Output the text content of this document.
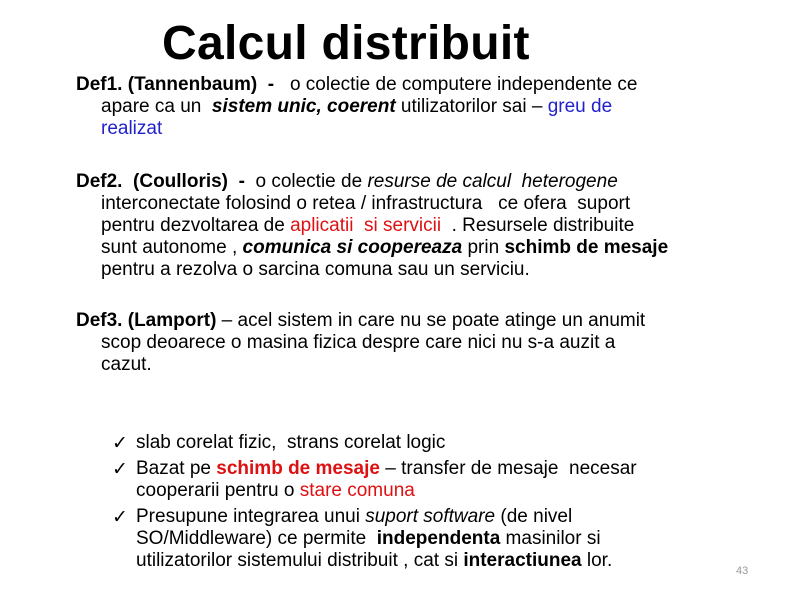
Calcul distribuit
Def1. (Tannenbaum)  -   o colectie de computere independente ce
apare ca un  sistem unic, coerent utilizatorilor sai – greu de
realizat
Def2.  (Coulloris)  -  o colectie de resurse de calcul  heterogene
interconectate folosind o retea / infrastructura   ce ofera  suport
pentru dezvoltarea de aplicatii  si servicii  . Resursele distribuite
sunt autonome , comunica si coopereaza prin schimb de mesaje
pentru a rezolva o sarcina comuna sau un serviciu.
Def3. (Lamport) – acel sistem in care nu se poate atinge un anumit
scop deoarece o masina fizica despre care nici nu s-a auzit a
cazut.
✓ slab corelat fizic,  strans corelat logic
✓ Bazat pe schimb de mesaje – transfer de mesaje  necesar
cooperarii pentru o stare comuna
✓ Presupune integrarea unui suport software (de nivel
SO/Middleware) ce permite  independenta masinilor si
utilizatorilor sistemului distribuit , cat si interactiunea lor.	43
